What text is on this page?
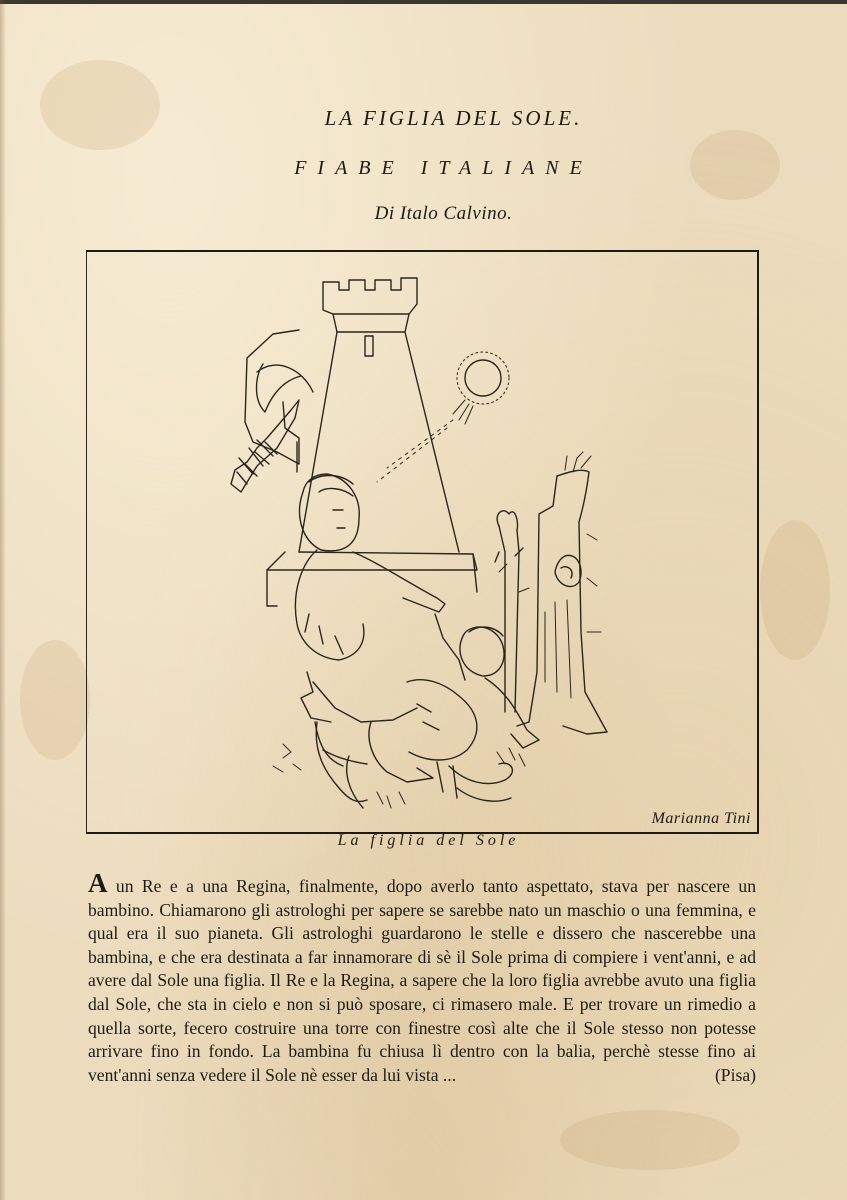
LA FIGLIA DEL SOLE.
FIABE ITALIANE
Di Italo Calvino.
Marianna Tini
La figlia del Sole
A un Re e a una Regina, finalmente, dopo averlo tanto aspettato, stava per nascere un bambino. Chiamarono gli astrologhi per sapere se sarebbe nato un maschio o una femmina, e qual era il suo pianeta. Gli astrologhi guardarono le stelle e dissero che nascerebbe una bambina, e che era destinata a far innamorare di sè il Sole prima di compiere i vent'anni, e ad avere dal Sole una figlia. Il Re e la Regina, a sapere che la loro figlia avrebbe avuto una figlia dal Sole, che sta in cielo e non si può sposare, ci rimasero male. E per trovare un rimedio a quella sorte, fecero costruire una torre con finestre così alte che il Sole stesso non potesse arrivare fino in fondo. La bambina fu chiusa lì dentro con la balia, perchè stesse fino ai vent'anni senza vedere il Sole nè esser da lui vista ...	(Pisa)
